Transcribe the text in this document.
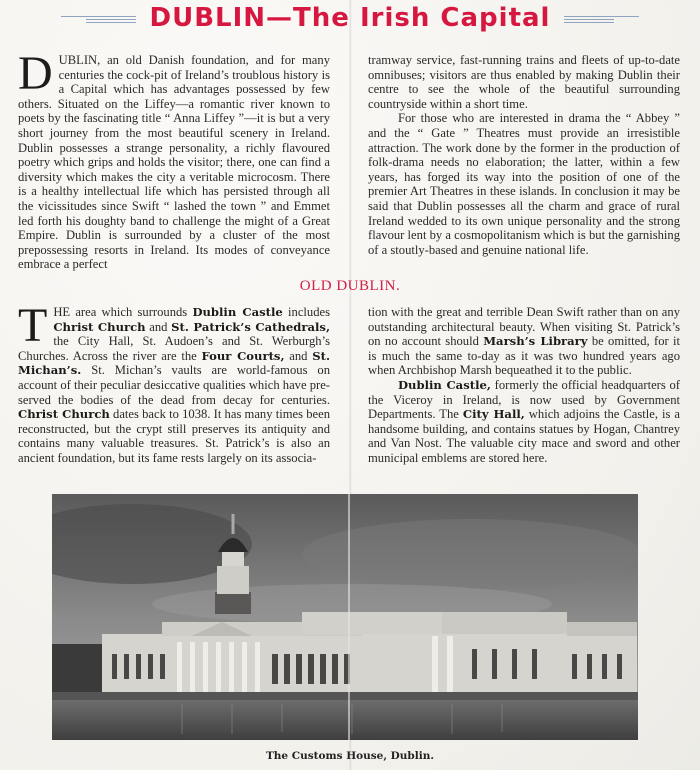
DUBLIN—The Irish Capital

DUBLIN, an old Danish foundation, and for many centuries the cock-pit of Ireland’s troublous history is a Capital which has advantages possessed by few others. Situated on the Liffey—a romantic river known to poets by the fascinating title “ Anna Liffey ”—it is but a very short journey from the most beautiful scenery in Ireland. Dublin possesses a strange personality, a richly flavoured poetry which grips and holds the visitor; there, one can find a diversity which makes the city a veritable microcosm. There is a healthy intellectual life which has persisted through all the vicissitudes since Swift “ lashed the town ” and Emmet led forth his doughty band to challenge the might of a Great Empire. Dublin is surrounded by a cluster of the most prepossessing resorts in Ireland. Its modes of conveyance embrace a perfect

tramway service, fast-running trains and fleets of up-to-date omnibuses; visitors are thus enabled by making Dublin their centre to see the whole of the beautiful surrounding countryside within a short time.

For those who are interested in drama the “ Abbey ” and the “ Gate ” Theatres must provide an irresistible attraction. The work done by the former in the production of folk-drama needs no elaboration; the latter, within a few years, has forged its way into the position of one of the premier Art Theatres in these islands. In conclusion it may be said that Dublin possesses all the charm and grace of rural Ireland wedded to its own unique personality and the strong flavour lent by a cosmopolitanism which is but the garnishing of a stoutly-based and genuine national life.

OLD DUBLIN.

THE area which surrounds Dublin Castle includes Christ Church and St. Patrick’s Cathedrals, the City Hall, St. Audoen’s and St. Werburgh’s Churches. Across the river are the Four Courts, and St. Michan’s. St. Michan’s vaults are world-famous on account of their peculiar desiccative qualities which have preserved the bodies of the dead from decay for centuries. Christ Church dates back to 1038. It has many times been reconstructed, but the crypt still preserves its antiquity and contains many valuable treasures. St. Patrick’s is also an ancient foundation, but its fame rests largely on its associa-

tion with the great and terrible Dean Swift rather than on any outstanding architectural beauty. When visiting St. Patrick’s on no account should Marsh’s Library be omitted, for it is much the same to-day as it was two hundred years ago when Archbishop Marsh bequeathed it to the public.

Dublin Castle, formerly the official headquarters of the Viceroy in Ireland, is now used by Government Departments. The City Hall, which adjoins the Castle, is a handsome building, and contains statues by Hogan, Chantrey and Van Nost. The valuable city mace and sword and other municipal emblems are stored here.

The Customs House, Dublin.
